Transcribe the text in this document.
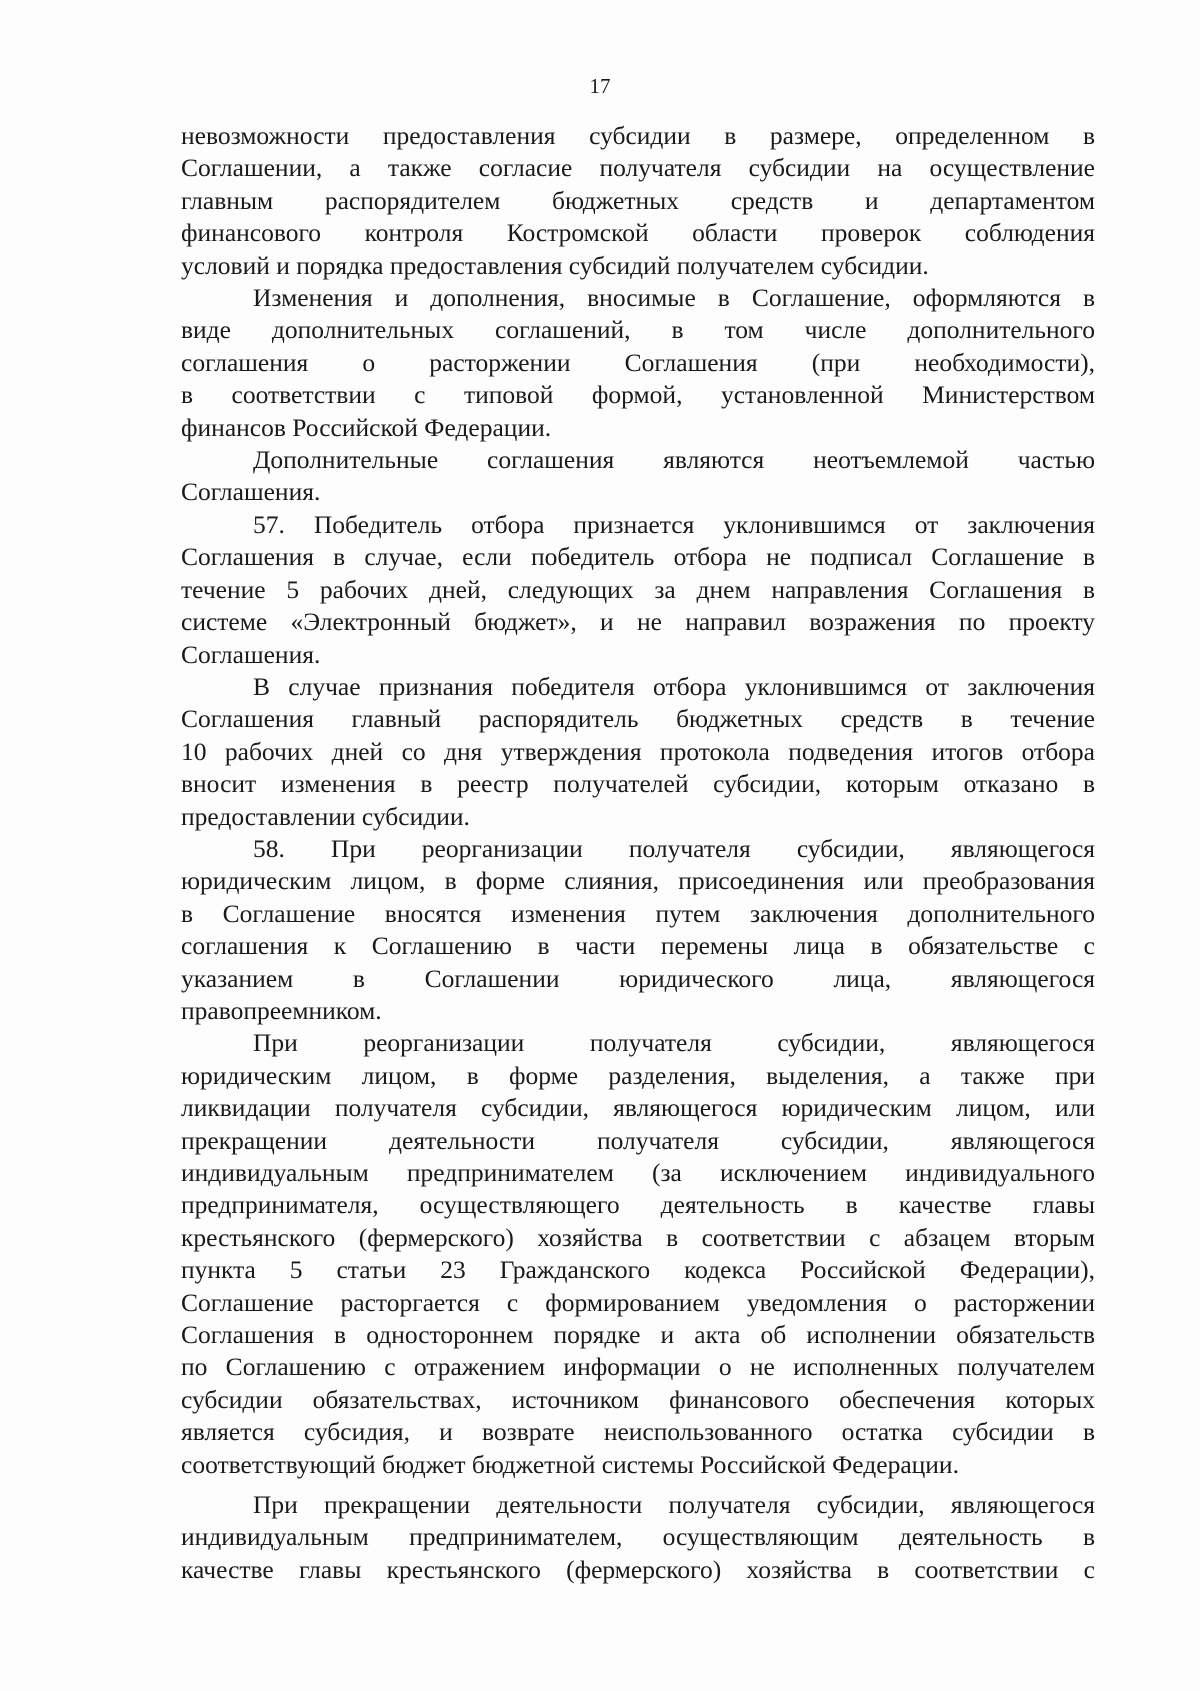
17
невозможности предоставления субсидии в размере, определенном в
Соглашении, а также согласие получателя субсидии на осуществление
главным распорядителем бюджетных средств и департаментом
финансового контроля Костромской области проверок соблюдения
условий и порядка предоставления субсидий получателем субсидии.
Изменения и дополнения, вносимые в Соглашение, оформляются в
виде дополнительных соглашений, в том числе дополнительного
соглашения о расторжении Соглашения (при необходимости),
в соответствии с типовой формой, установленной Министерством
финансов Российской Федерации.
Дополнительные соглашения являются неотъемлемой частью
Соглашения.
57. Победитель отбора признается уклонившимся от заключения
Соглашения в случае, если победитель отбора не подписал Соглашение в
течение 5 рабочих дней, следующих за днем направления Соглашения в
системе «Электронный бюджет», и не направил возражения по проекту
Соглашения.
В случае признания победителя отбора уклонившимся от заключения
Соглашения главный распорядитель бюджетных средств в течение
10 рабочих дней со дня утверждения протокола подведения итогов отбора
вносит изменения в реестр получателей субсидии, которым отказано в
предоставлении субсидии.
58. При реорганизации получателя субсидии, являющегося
юридическим лицом, в форме слияния, присоединения или преобразования
в Соглашение вносятся изменения путем заключения дополнительного
соглашения к Соглашению в части перемены лица в обязательстве с
указанием в Соглашении юридического лица, являющегося
правопреемником.
При реорганизации получателя субсидии, являющегося
юридическим лицом, в форме разделения, выделения, а также при
ликвидации получателя субсидии, являющегося юридическим лицом, или
прекращении деятельности получателя субсидии, являющегося
индивидуальным предпринимателем (за исключением индивидуального
предпринимателя, осуществляющего деятельность в качестве главы
крестьянского (фермерского) хозяйства в соответствии с абзацем вторым
пункта 5 статьи 23 Гражданского кодекса Российской Федерации),
Соглашение расторгается с формированием уведомления о расторжении
Соглашения в одностороннем порядке и акта об исполнении обязательств
по Соглашению с отражением информации о не исполненных получателем
субсидии обязательствах, источником финансового обеспечения которых
является субсидия, и возврате неиспользованного остатка субсидии в
соответствующий бюджет бюджетной системы Российской Федерации.
При прекращении деятельности получателя субсидии, являющегося
индивидуальным предпринимателем, осуществляющим деятельность в
качестве главы крестьянского (фермерского) хозяйства в соответствии с
